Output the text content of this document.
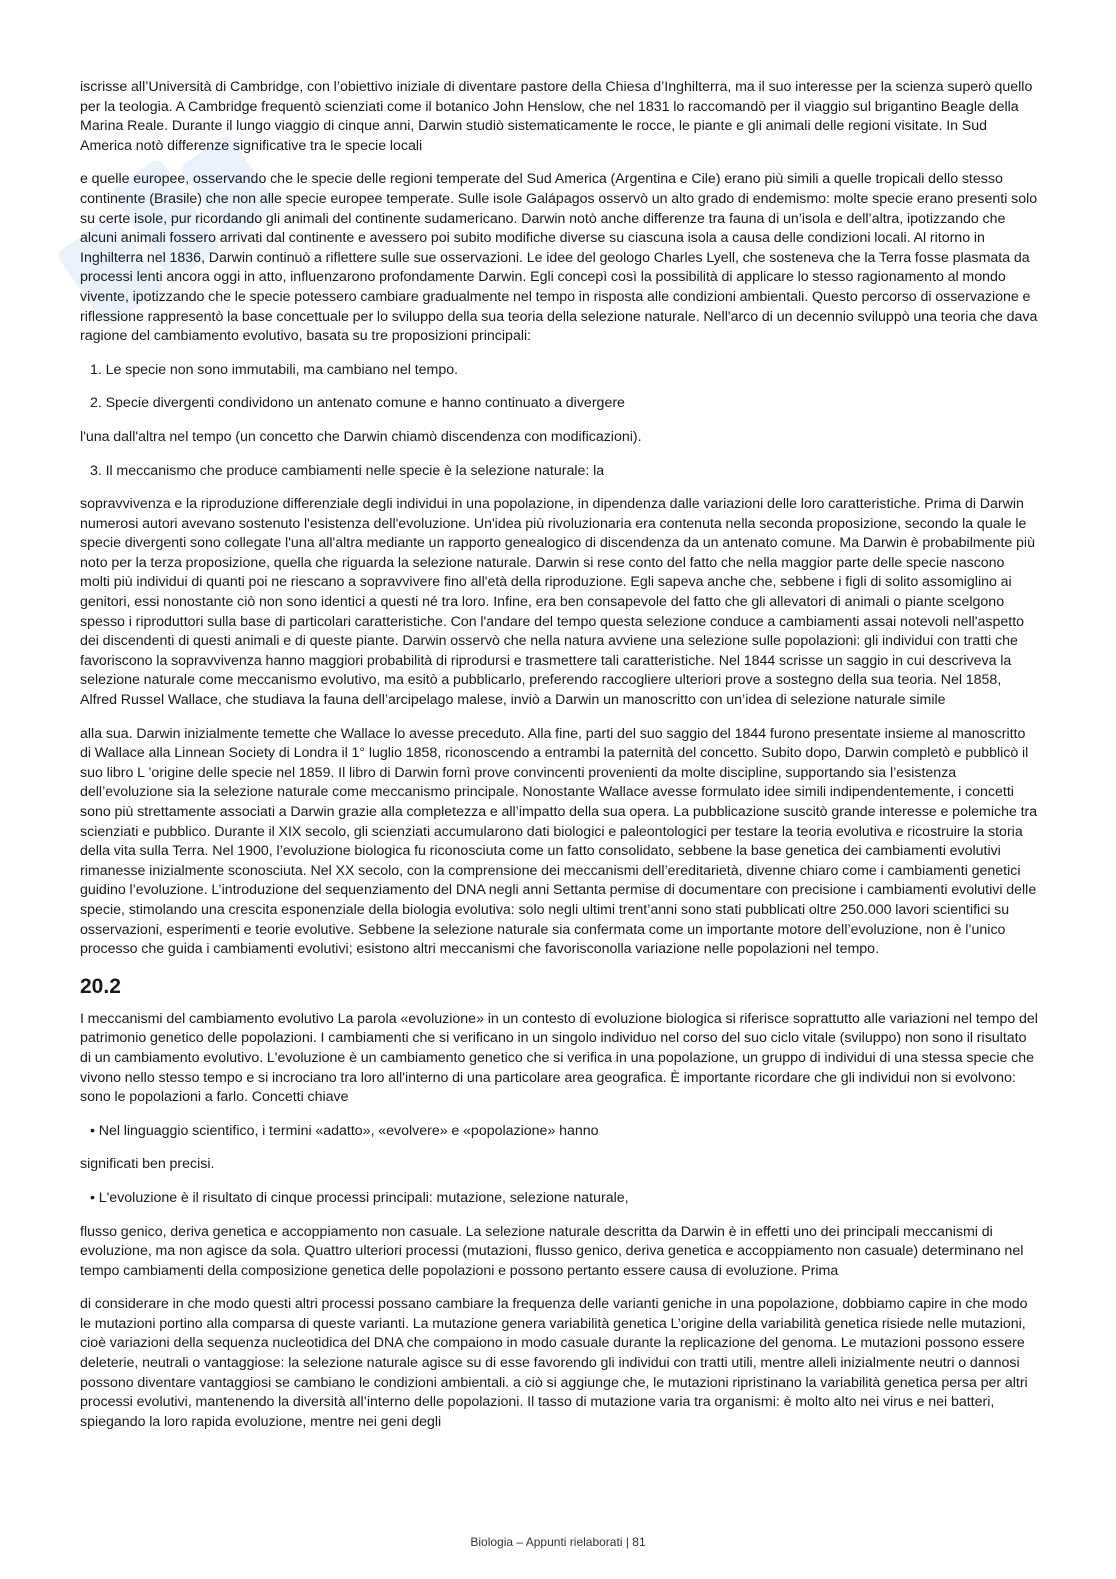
iscrisse all’Università di Cambridge, con l’obiettivo iniziale di diventare pastore della Chiesa d’Inghilterra, ma il suo interesse per la scienza superò quello per la teologia. A Cambridge frequentò scienziati come il botanico John Henslow, che nel 1831 lo raccomandò per il viaggio sul brigantino Beagle della Marina Reale. Durante il lungo viaggio di cinque anni, Darwin studiò sistematicamente le rocce, le piante e gli animali delle regioni visitate. In Sud America notò differenze significative tra le specie locali
e quelle europee, osservando che le specie delle regioni temperate del Sud America (Argentina e Cile) erano più simili a quelle tropicali dello stesso continente (Brasile) che non alle specie europee temperate. Sulle isole Galápagos osservò un alto grado di endemismo: molte specie erano presenti solo su certe isole, pur ricordando gli animali del continente sudamericano. Darwin notò anche differenze tra fauna di un’isola e dell’altra, ipotizzando che alcuni animali fossero arrivati dal continente e avessero poi subito modifiche diverse su ciascuna isola a causa delle condizioni locali. Al ritorno in Inghilterra nel 1836, Darwin continuò a riflettere sulle sue osservazioni. Le idee del geologo Charles Lyell, che sosteneva che la Terra fosse plasmata da processi lenti ancora oggi in atto, influenzarono profondamente Darwin. Egli concepì così la possibilità di applicare lo stesso ragionamento al mondo vivente, ipotizzando che le specie potessero cambiare gradualmente nel tempo in risposta alle condizioni ambientali. Questo percorso di osservazione e riflessione rappresentò la base concettuale per lo sviluppo della sua teoria della selezione naturale. Nell'arco di un decennio sviluppò una teoria che dava ragione del cambiamento evolutivo, basata su tre proposizioni principali:
1. Le specie non sono immutabili, ma cambiano nel tempo.
2. Specie divergenti condividono un antenato comune e hanno continuato a divergere
l'una dall'altra nel tempo (un concetto che Darwin chiamò discendenza con modificazioni).
3. Il meccanismo che produce cambiamenti nelle specie è la selezione naturale: la
sopravvivenza e la riproduzione differenziale degli individui in una popolazione, in dipendenza dalle variazioni delle loro caratteristiche. Prima di Darwin numerosi autori avevano sostenuto l'esistenza dell'evoluzione. Un'idea più rivoluzionaria era contenuta nella seconda proposizione, secondo la quale le specie divergenti sono collegate l'una all'altra mediante un rapporto genealogico di discendenza da un antenato comune. Ma Darwin è probabilmente più noto per la terza proposizione, quella che riguarda la selezione naturale. Darwin si rese conto del fatto che nella maggior parte delle specie nascono molti più individui di quanti poi ne riescano a sopravvivere fino all'età della riproduzione. Egli sapeva anche che, sebbene i figli di solito assomiglino ai genitori, essi nonostante ciò non sono identici a questi né tra loro. Infine, era ben consapevole del fatto che gli allevatori di animali o piante scelgono spesso i riproduttori sulla base di particolari caratteristiche. Con l'andare del tempo questa selezione conduce a cambiamenti assai notevoli nell'aspetto dei discendenti di questi animali e di queste piante. Darwin osservò che nella natura avviene una selezione sulle popolazioni: gli individui con tratti che favoriscono la sopravvivenza hanno maggiori probabilità di riprodursi e trasmettere tali caratteristiche. Nel 1844 scrisse un saggio in cui descriveva la selezione naturale come meccanismo evolutivo, ma esitò a pubblicarlo, preferendo raccogliere ulteriori prove a sostegno della sua teoria. Nel 1858, Alfred Russel Wallace, che studiava la fauna dell’arcipelago malese, inviò a Darwin un manoscritto con un’idea di selezione naturale simile
alla sua. Darwin inizialmente temette che Wallace lo avesse preceduto. Alla fine, parti del suo saggio del 1844 furono presentate insieme al manoscritto di Wallace alla Linnean Society di Londra il 1° luglio 1858, riconoscendo a entrambi la paternità del concetto. Subito dopo, Darwin completò e pubblicò il suo libro L ’origine delle specie nel 1859. Il libro di Darwin fornì prove convincenti provenienti da molte discipline, supportando sia l’esistenza dell’evoluzione sia la selezione naturale come meccanismo principale. Nonostante Wallace avesse formulato idee simili indipendentemente, i concetti sono più strettamente associati a Darwin grazie alla completezza e all’impatto della sua opera. La pubblicazione suscitò grande interesse e polemiche tra scienziati e pubblico. Durante il XIX secolo, gli scienziati accumularono dati biologici e paleontologici per testare la teoria evolutiva e ricostruire la storia della vita sulla Terra. Nel 1900, l’evoluzione biologica fu riconosciuta come un fatto consolidato, sebbene la base genetica dei cambiamenti evolutivi rimanesse inizialmente sconosciuta. Nel XX secolo, con la comprensione dei meccanismi dell’ereditarietà, divenne chiaro come i cambiamenti genetici guidino l’evoluzione. L’introduzione del sequenziamento del DNA negli anni Settanta permise di documentare con precisione i cambiamenti evolutivi delle specie, stimolando una crescita esponenziale della biologia evolutiva: solo negli ultimi trent’anni sono stati pubblicati oltre 250.000 lavori scientifici su osservazioni, esperimenti e teorie evolutive. Sebbene la selezione naturale sia confermata come un importante motore dell’evoluzione, non è l’unico processo che guida i cambiamenti evolutivi; esistono altri meccanismi che favorisconolla variazione nelle popolazioni nel tempo.
20.2
I meccanismi del cambiamento evolutivo La parola «evoluzione» in un contesto di evoluzione biologica si riferisce soprattutto alle variazioni nel tempo del patrimonio genetico delle popolazioni. I cambiamenti che si verificano in un singolo individuo nel corso del suo ciclo vitale (sviluppo) non sono il risultato di un cambiamento evolutivo. L'evoluzione è un cambiamento genetico che si verifica in una popolazione, un gruppo di individui di una stessa specie che vivono nello stesso tempo e si incrociano tra loro all'interno di una particolare area geografica. È importante ricordare che gli individui non si evolvono: sono le popolazioni a farlo. Concetti chiave
• Nel linguaggio scientifico, i termini «adatto», «evolvere» e «popolazione» hanno
significati ben precisi.
• L'evoluzione è il risultato di cinque processi principali: mutazione, selezione naturale,
flusso genico, deriva genetica e accoppiamento non casuale. La selezione naturale descritta da Darwin è in effetti uno dei principali meccanismi di evoluzione, ma non agisce da sola. Quattro ulteriori processi (mutazioni, flusso genico, deriva genetica e accoppiamento non casuale) determinano nel tempo cambiamenti della composizione genetica delle popolazioni e possono pertanto essere causa di evoluzione. Prima
di considerare in che modo questi altri processi possano cambiare la frequenza delle varianti geniche in una popolazione, dobbiamo capire in che modo le mutazioni portino alla comparsa di queste varianti. La mutazione genera variabilità genetica L’origine della variabilità genetica risiede nelle mutazioni, cioè variazioni della sequenza nucleotidica del DNA che compaiono in modo casuale durante la replicazione del genoma. Le mutazioni possono essere deleterie, neutrali o vantaggiose: la selezione naturale agisce su di esse favorendo gli individui con tratti utili, mentre alleli inizialmente neutri o dannosi possono diventare vantaggiosi se cambiano le condizioni ambientali. a ciò si aggiunge che, le mutazioni ripristinano la variabilità genetica persa per altri processi evolutivi, mantenendo la diversità all’interno delle popolazioni. Il tasso di mutazione varia tra organismi: è molto alto nei virus e nei batteri, spiegando la loro rapida evoluzione, mentre nei geni degli
Biologia – Appunti rielaborati | 81
